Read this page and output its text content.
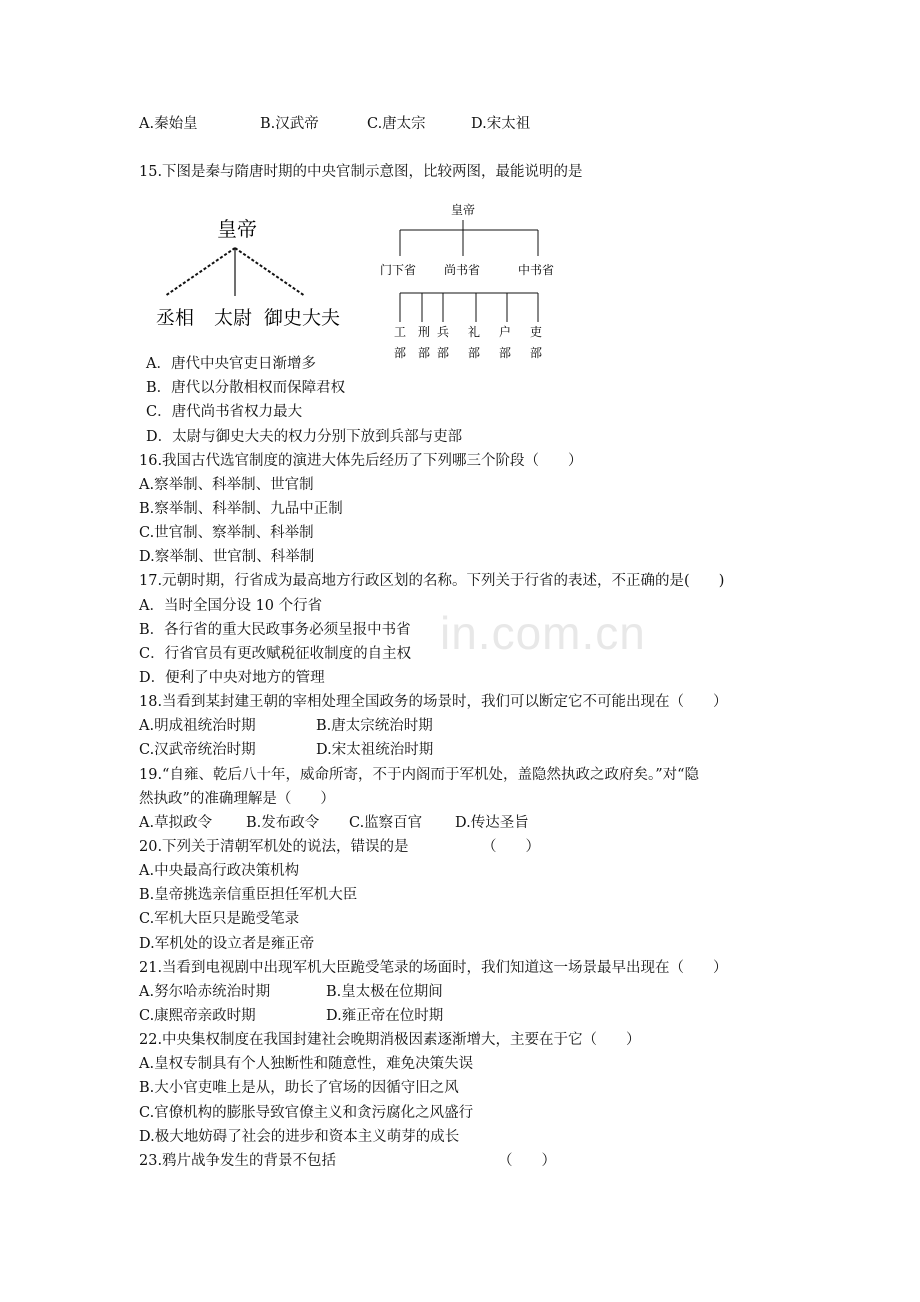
in.com.cn
A.秦始皇	B.汉武帝	C.唐太宗	D.宋太祖
15.下图是秦与隋唐时期的中央官制示意图，比较两图，最能说明的是
皇帝
丞相 太尉 御史大夫
皇帝
门下省 尚书省	中书省
工
部
刑
部
兵
部
礼
部
户
部
吏
部
A．唐代中央官吏日渐增多
B．唐代以分散相权而保障君权
C．唐代尚书省权力最大
D．太尉与御史大夫的权力分别下放到兵部与吏部
16.我国古代选官制度的演进大体先后经历了下列哪三个阶段（　　）
A.察举制、科举制、世官制
B.察举制、科举制、九品中正制
C.世官制、察举制、科举制
D.察举制、世官制、科举制
17.元朝时期，行省成为最高地方行政区划的名称。下列关于行省的表述，不正确的是(　　)
A．当时全国分设 10 个行省
B．各行省的重大民政事务必须呈报中书省
C．行省官员有更改赋税征收制度的自主权
D．便利了中央对地方的管理
18.当看到某封建王朝的宰相处理全国政务的场景时，我们可以断定它不可能出现在（　　）
A.明成祖统治时期	B.唐太宗统治时期
C.汉武帝统治时期	D.宋太祖统治时期
19.“自雍、乾后八十年，威命所寄，不于内阁而于军机处，盖隐然执政之政府矣。”对“隐
然执政”的准确理解是（　　）
A.草拟政令 B.发布政令 C.监察百官 D.传达圣旨
20.下列关于清朝军机处的说法，错误的是	（　　）
A.中央最高行政决策机构
B.皇帝挑选亲信重臣担任军机大臣
C.军机大臣只是跪受笔录
D.军机处的设立者是雍正帝
21.当看到电视剧中出现军机大臣跪受笔录的场面时，我们知道这一场景最早出现在（　　）
A.努尔哈赤统治时期	B.皇太极在位期间
C.康熙帝亲政时期	D.雍正帝在位时期
22.中央集权制度在我国封建社会晚期消极因素逐渐增大，主要在于它（　　）
A.皇权专制具有个人独断性和随意性，难免决策失误
B.大小官吏唯上是从，助长了官场的因循守旧之风
C.官僚机构的膨胀导致官僚主义和贪污腐化之风盛行
D.极大地妨碍了社会的进步和资本主义萌芽的成长
23.鸦片战争发生的背景不包括	（　　）
